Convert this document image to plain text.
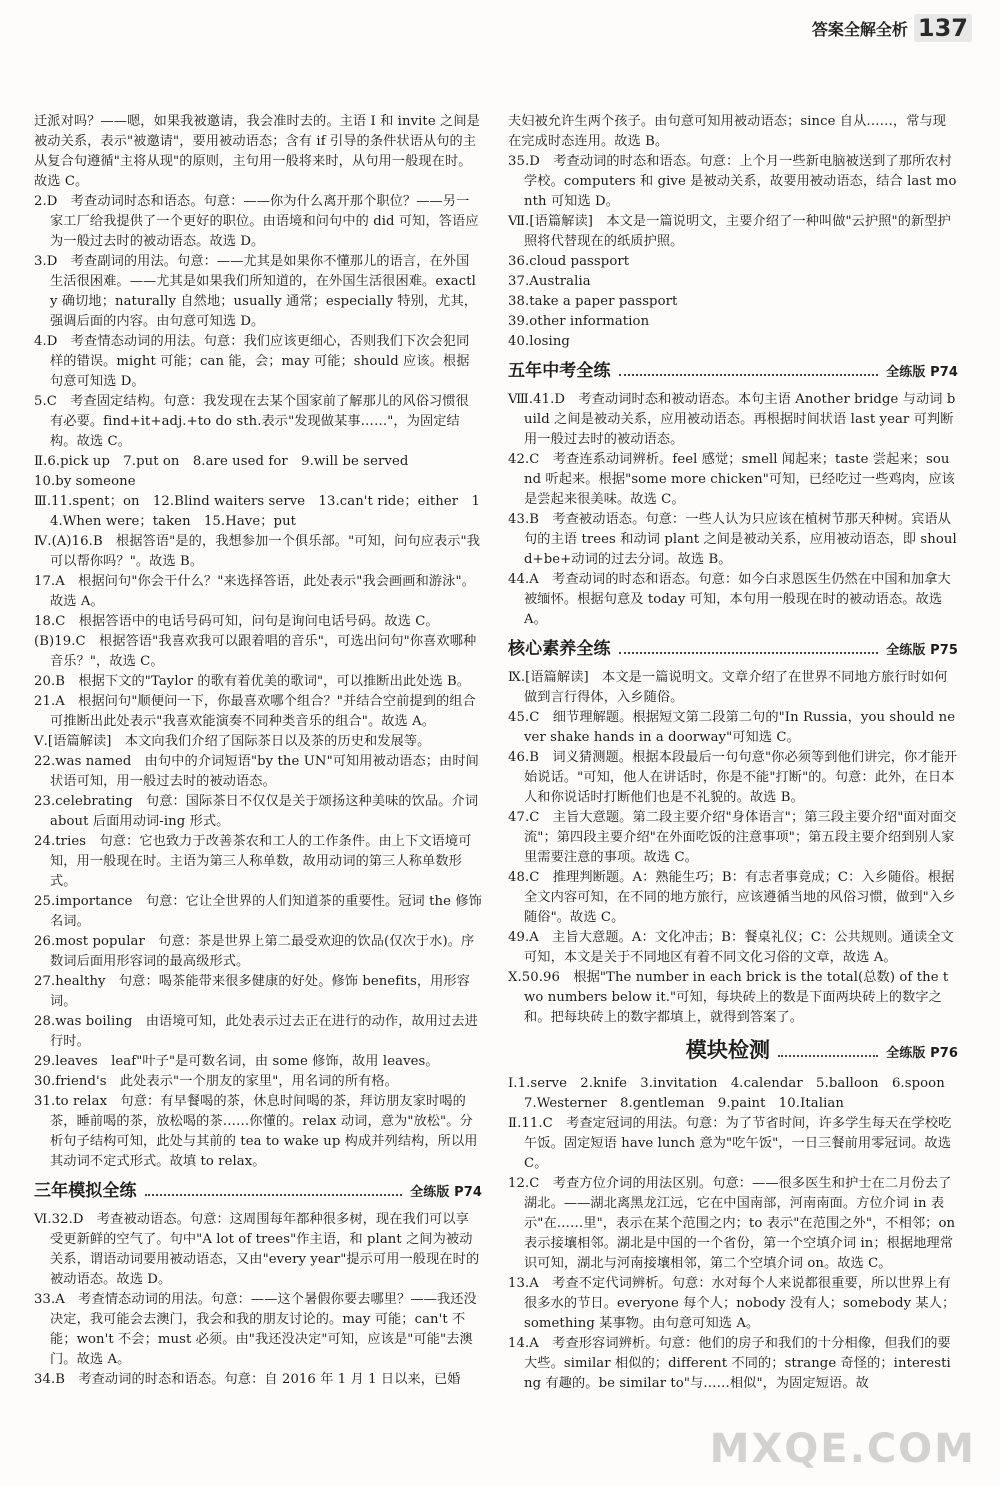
答案全解全析 137

迁派对吗？——嗯，如果我被邀请，我会准时去的。主语 I 和 invite 之间是被动关系，表示"被邀请"，要用被动语态；含有 if 引导的条件状语从句的主从复合句遵循"主将从现"的原则，主句用一般将来时，从句用一般现在时。故选 C。

2.D　考查动词时态和语态。句意：——你为什么离开那个职位？——另一家工厂给我提供了一个更好的职位。由语境和问句中的 did 可知，答语应为一般过去时的被动语态。故选 D。

3.D　考查副词的用法。句意：——尤其是如果你不懂那儿的语言，在外国生活很困难。——尤其是如果我们所知道的，在外国生活很困难。exactly 确切地；naturally 自然地；usually 通常；especially 特别，尤其，强调后面的内容。由句意可知选 D。

4.D　考查情态动词的用法。句意：我们应该更细心，否则我们下次会犯同样的错误。might 可能；can 能，会；may 可能；should 应该。根据句意可知选 D。

5.C　考查固定结构。句意：我发现在去某个国家前了解那儿的风俗习惯很有必要。find+it+adj.+to do sth.表示"发现做某事……"，为固定结构。故选 C。

Ⅱ.6.pick up　7.put on　8.are used for　9.will be served

10.by someone

Ⅲ.11.spent；on　12.Blind waiters serve　13.can't ride；either　14.When were；taken　15.Have；put

Ⅳ.(A)16.B　根据答语"是的，我想参加一个俱乐部。"可知，问句应表示"我可以帮你吗？"。故选 B。

17.A　根据问句"你会干什么？"来选择答语，此处表示"我会画画和游泳"。故选 A。

18.C　根据答语中的电话号码可知，问句是询问电话号码。故选 C。

(B)19.C　根据答语"我喜欢我可以跟着唱的音乐"，可选出问句"你喜欢哪种音乐？"，故选 C。

20.B　根据下文的"Taylor 的歌有着优美的歌词"，可以推断出此处选 B。

21.A　根据问句"顺便问一下，你最喜欢哪个组合？"并结合空前提到的组合可推断出此处表示"我喜欢能演奏不同种类音乐的组合"。故选 A。

Ⅴ.[语篇解读]　本文向我们介绍了国际茶日以及茶的历史和发展等。

22.was named　由句中的介词短语"by the UN"可知用被动语态；由时间状语可知，用一般过去时的被动语态。

23.celebrating　句意：国际茶日不仅仅是关于颂扬这种美味的饮品。介词 about 后面用动词-ing 形式。

24.tries　句意：它也致力于改善茶农和工人的工作条件。由上下文语境可知，用一般现在时。主语为第三人称单数，故用动词的第三人称单数形式。

25.importance　句意：它让全世界的人们知道茶的重要性。冠词 the 修饰名词。

26.most popular　句意：茶是世界上第二最受欢迎的饮品(仅次于水)。序数词后面用形容词的最高级形式。

27.healthy　句意：喝茶能带来很多健康的好处。修饰 benefits，用形容词。

28.was boiling　由语境可知，此处表示过去正在进行的动作，故用过去进行时。

29.leaves　leaf"叶子"是可数名词，由 some 修饰，故用 leaves。

30.friend's　此处表示"一个朋友的家里"，用名词的所有格。

31.to relax　句意：有早餐喝的茶，休息时间喝的茶，拜访朋友家时喝的茶，睡前喝的茶，放松喝的茶……你懂的。relax 动词，意为"放松"。分析句子结构可知，此处与其前的 tea to wake up 构成并列结构，所以用其动词不定式形式。故填 to relax。

三年模拟全练	全练版 P74

Ⅵ.32.D　考查被动语态。句意：这周围每年都种很多树，现在我们可以享受更新鲜的空气了。句中"A lot of trees"作主语，和 plant 之间为被动关系，谓语动词要用被动语态，又由"every year"提示可用一般现在时的被动语态。故选 D。

33.A　考查情态动词的用法。句意：——这个暑假你要去哪里？——我还没决定，我可能会去澳门，我会和我的朋友讨论的。may 可能；can't 不能；won't 不会；must 必须。由"我还没决定"可知，应该是"可能"去澳门。故选 A。

34.B　考查动词的时态和语态。句意：自 2016 年 1 月 1 日以来，已婚

夫妇被允许生两个孩子。由句意可知用被动语态；since 自从……，常与现在完成时态连用。故选 B。

35.D　考查动词的时态和语态。句意：上个月一些新电脑被送到了那所农村学校。computers 和 give 是被动关系，故要用被动语态，结合 last month 可知选 D。

Ⅶ.[语篇解读]　本文是一篇说明文，主要介绍了一种叫做"云护照"的新型护照将代替现在的纸质护照。

36.cloud passport

37.Australia

38.take a paper passport

39.other information

40.losing

五年中考全练	全练版 P74

Ⅷ.41.D　考查动词时态和被动语态。本句主语 Another bridge 与动词 build 之间是被动关系，应用被动语态。再根据时间状语 last year 可判断用一般过去时的被动语态。

42.C　考查连系动词辨析。feel 感觉；smell 闻起来；taste 尝起来；sound 听起来。根据"some more chicken"可知，已经吃过一些鸡肉，应该是尝起来很美味。故选 C。

43.B　考查被动语态。句意：一些人认为只应该在植树节那天种树。宾语从句的主语 trees 和动词 plant 之间是被动关系，应用被动语态，即 should+be+动词的过去分词。故选 B。

44.A　考查动词的时态和语态。句意：如今白求恩医生仍然在中国和加拿大被缅怀。根据句意及 today 可知，本句用一般现在时的被动语态。故选 A。

核心素养全练	全练版 P75

Ⅸ.[语篇解读]　本文是一篇说明文。文章介绍了在世界不同地方旅行时如何做到言行得体，入乡随俗。

45.C　细节理解题。根据短文第二段第二句的"In Russia，you should never shake hands in a doorway"可知选 C。

46.B　词义猜测题。根据本段最后一句句意"你必须等到他们讲完，你才能开始说话。"可知，他人在讲话时，你是不能"打断"的。句意：此外，在日本人和你说话时打断他们也是不礼貌的。故选 B。

47.C　主旨大意题。第二段主要介绍"身体语言"；第三段主要介绍"面对面交流"；第四段主要介绍"在外面吃饭的注意事项"；第五段主要介绍到别人家里需要注意的事项。故选 C。

48.C　推理判断题。A：熟能生巧；B：有志者事竟成；C：入乡随俗。根据全文内容可知，在不同的地方旅行，应该遵循当地的风俗习惯，做到"入乡随俗"。故选 C。

49.A　主旨大意题。A：文化冲击；B：餐桌礼仪；C：公共规则。通读全文可知，本文是关于不同地区有着不同文化习俗的文章，故选 A。

Ⅹ.50.96　根据"The number in each brick is the total(总数) of the two numbers below it."可知，每块砖上的数是下面两块砖上的数字之和。把每块砖上的数字都填上，就得到答案了。

模块检测	全练版 P76

Ⅰ.1.serve　2.knife　3.invitation　4.calendar　5.balloon　6.spoon　7.Westerner　8.gentleman　9.paint　10.Italian

Ⅱ.11.C　考查定冠词的用法。句意：为了节省时间，许多学生每天在学校吃午饭。固定短语 have lunch 意为"吃午饭"，一日三餐前用零冠词。故选 C。

12.C　考查方位介词的用法区别。句意：——很多医生和护士在二月份去了湖北。——湖北离黑龙江远，它在中国南部，河南南面。方位介词 in 表示"在……里"，表示在某个范围之内；to 表示"在范围之外"，不相邻；on 表示接壤相邻。湖北是中国的一个省份，第一个空填介词 in；根据地理常识可知，湖北与河南接壤相邻，第二个空填介词 on。故选 C。

13.A　考查不定代词辨析。句意：水对每个人来说都很重要，所以世界上有很多水的节日。everyone 每个人；nobody 没有人；somebody 某人；something 某事物。由句意可知选 A。

14.A　考查形容词辨析。句意：他们的房子和我们的十分相像，但我们的要大些。similar 相似的；different 不同的；strange 奇怪的；interesting 有趣的。be similar to"与……相似"，为固定短语。故

MXQE.COM
